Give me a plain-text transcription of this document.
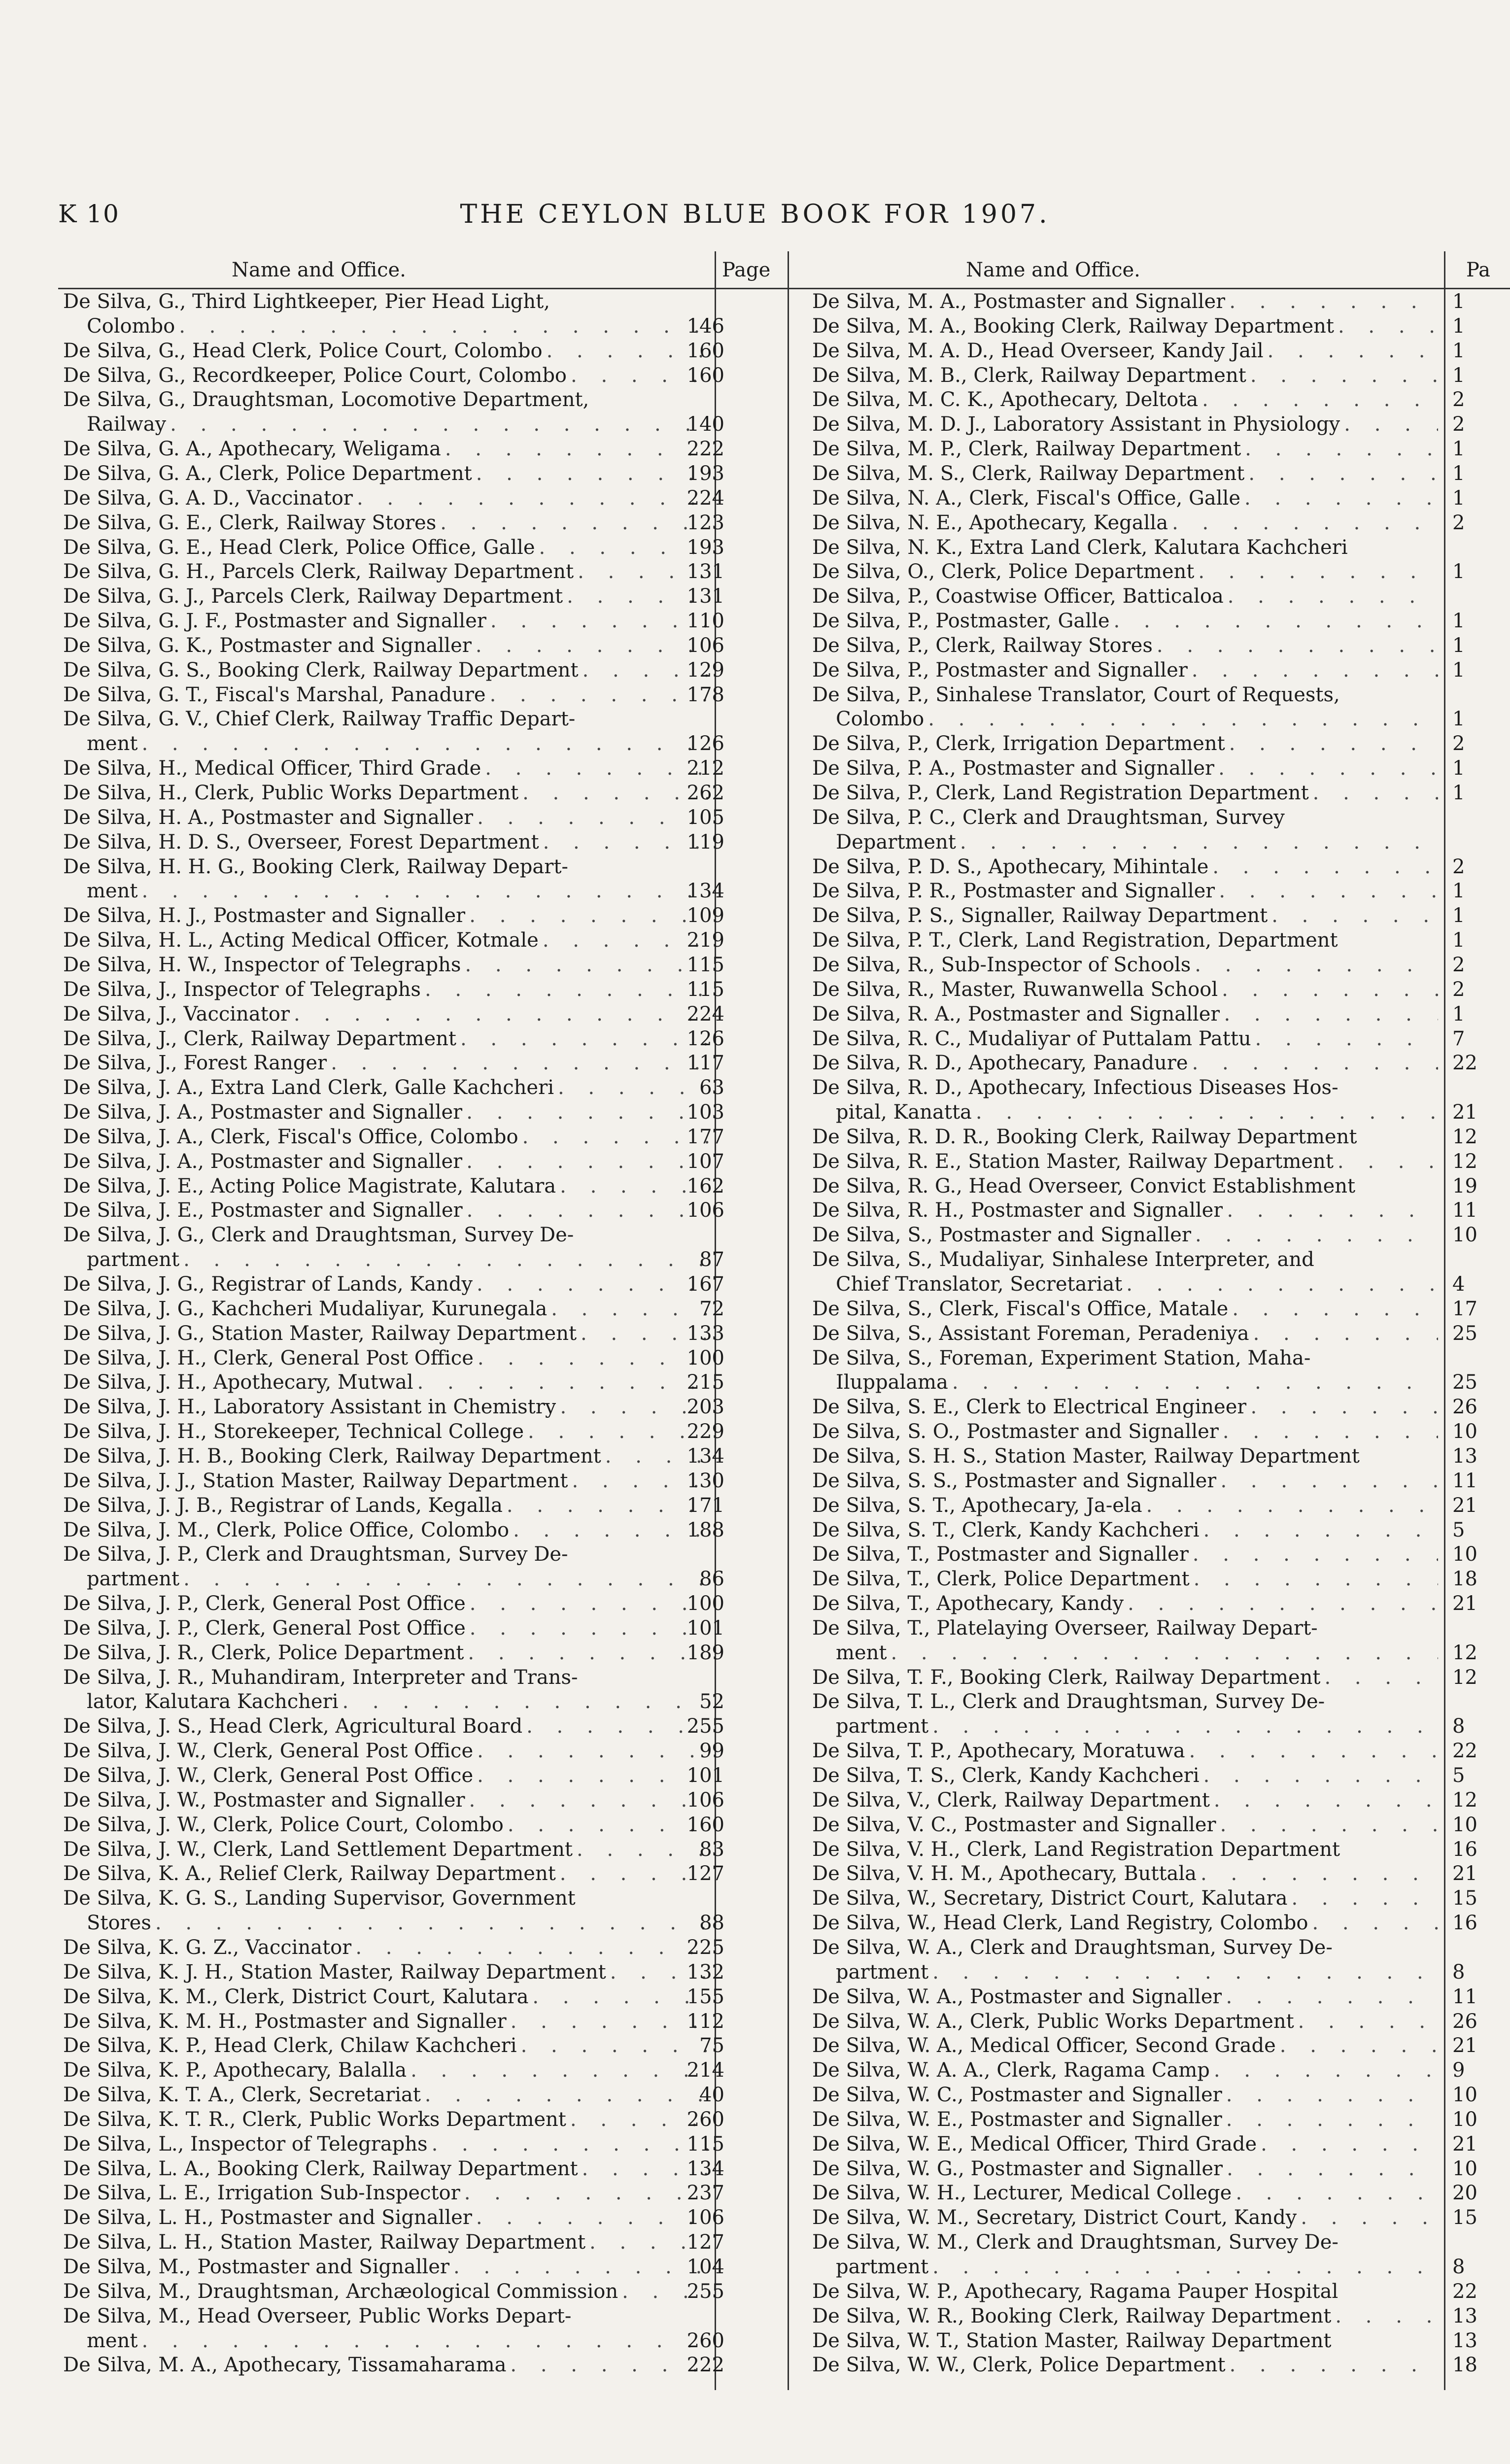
K 10	THE CEYLON BLUE BOOK FOR 1907.
Name and Office.	Page	Name and Office.	Pa
De Silva, G., Third Lightkeeper, Pier Head Light,
Colombo . . .	146
De Silva, G., Head Clerk, Police Court, Colombo . . .	160
De Silva, G., Recordkeeper, Police Court, Colombo . . .	160
De Silva, G., Draughtsman, Locomotive Department,
Railway . . .	140
De Silva, G. A., Apothecary, Weligama . . .	222
De Silva, G. A., Clerk, Police Department . . .	193
De Silva, G. A. D., Vaccinator . . .	224
De Silva, G. E., Clerk, Railway Stores . . .	123
De Silva, G. E., Head Clerk, Police Office, Galle . . .	193
De Silva, G. H., Parcels Clerk, Railway Department . . .	131
De Silva, G. J., Parcels Clerk, Railway Department . . .	131
De Silva, G. J. F., Postmaster and Signaller . . .	110
De Silva, G. K., Postmaster and Signaller . . .	106
De Silva, G. S., Booking Clerk, Railway Department . . .	129
De Silva, G. T., Fiscal's Marshal, Panadure . . .	178
De Silva, G. V., Chief Clerk, Railway Traffic Depart-
ment . . .	126
De Silva, H., Medical Officer, Third Grade . . .	212
De Silva, H., Clerk, Public Works Department . . .	262
De Silva, H. A., Postmaster and Signaller . . .	105
De Silva, H. D. S., Overseer, Forest Department . . .	119
De Silva, H. H. G., Booking Clerk, Railway Depart-
ment . . .	134
De Silva, H. J., Postmaster and Signaller . . .	109
De Silva, H. L., Acting Medical Officer, Kotmale . . .	219
De Silva, H. W., Inspector of Telegraphs . . .	115
De Silva, J., Inspector of Telegraphs . . .	115
De Silva, J., Vaccinator . . .	224
De Silva, J., Clerk, Railway Department . . .	126
De Silva, J., Forest Ranger . . .	117
De Silva, J. A., Extra Land Clerk, Galle Kachcheri . . .	63
De Silva, J. A., Postmaster and Signaller . . .	103
De Silva, J. A., Clerk, Fiscal's Office, Colombo . . .	177
De Silva, J. A., Postmaster and Signaller . . .	107
De Silva, J. E., Acting Police Magistrate, Kalutara . . .	162
De Silva, J. E., Postmaster and Signaller . . .	106
De Silva, J. G., Clerk and Draughtsman, Survey De-
partment . . .	87
De Silva, J. G., Registrar of Lands, Kandy . . .	167
De Silva, J. G., Kachcheri Mudaliyar, Kurunegala . . .	72
De Silva, J. G., Station Master, Railway Department . . .	133
De Silva, J. H., Clerk, General Post Office . . .	100
De Silva, J. H., Apothecary, Mutwal . . .	215
De Silva, J. H., Laboratory Assistant in Chemistry . . .	203
De Silva, J. H., Storekeeper, Technical College . . .	229
De Silva, J. H. B., Booking Clerk, Railway Department . . .	134
De Silva, J. J., Station Master, Railway Department . . .	130
De Silva, J. J. B., Registrar of Lands, Kegalla . . .	171
De Silva, J. M., Clerk, Police Office, Colombo . . .	188
De Silva, J. P., Clerk and Draughtsman, Survey De-
partment . . .	86
De Silva, J. P., Clerk, General Post Office . . .	100
De Silva, J. P., Clerk, General Post Office . . .	101
De Silva, J. R., Clerk, Police Department . . .	189
De Silva, J. R., Muhandiram, Interpreter and Trans-
lator, Kalutara Kachcheri . . .	52
De Silva, J. S., Head Clerk, Agricultural Board . . .	255
De Silva, J. W., Clerk, General Post Office . . .	99
De Silva, J. W., Clerk, General Post Office . . .	101
De Silva, J. W., Postmaster and Signaller . . .	106
De Silva, J. W., Clerk, Police Court, Colombo . . .	160
De Silva, J. W., Clerk, Land Settlement Department . . .	83
De Silva, K. A., Relief Clerk, Railway Department . . .	127
De Silva, K. G. S., Landing Supervisor, Government
Stores . . .	88
De Silva, K. G. Z., Vaccinator . . .	225
De Silva, K. J. H., Station Master, Railway Department . . .	132
De Silva, K. M., Clerk, District Court, Kalutara . . .	155
De Silva, K. M. H., Postmaster and Signaller . . .	112
De Silva, K. P., Head Clerk, Chilaw Kachcheri . . .	75
De Silva, K. P., Apothecary, Balalla . . .	214
De Silva, K. T. A., Clerk, Secretariat . . .	40
De Silva, K. T. R., Clerk, Public Works Department . . .	260
De Silva, L., Inspector of Telegraphs . . .	115
De Silva, L. A., Booking Clerk, Railway Department . . .	134
De Silva, L. E., Irrigation Sub-Inspector . . .	237
De Silva, L. H., Postmaster and Signaller . . .	106
De Silva, L. H., Station Master, Railway Department . . .	127
De Silva, M., Postmaster and Signaller . . .	104
De Silva, M., Draughtsman, Archæological Commission . . .	255
De Silva, M., Head Overseer, Public Works Depart-
ment . . .	260
De Silva, M. A., Apothecary, Tissamaharama . . .	222
De Silva, M. A., Postmaster and Signaller . . .	1
De Silva, M. A., Booking Clerk, Railway Department . . .	1
De Silva, M. A. D., Head Overseer, Kandy Jail . . .	1
De Silva, M. B., Clerk, Railway Department . . .	1
De Silva, M. C. K., Apothecary, Deltota . . .	2
De Silva, M. D. J., Laboratory Assistant in Physiology . . .	2
De Silva, M. P., Clerk, Railway Department . . .	1
De Silva, M. S., Clerk, Railway Department . . .	1
De Silva, N. A., Clerk, Fiscal's Office, Galle . . .	1
De Silva, N. E., Apothecary, Kegalla . . .	2
De Silva, N. K., Extra Land Clerk, Kalutara Kachcheri
De Silva, O., Clerk, Police Department . . .	1
De Silva, P., Coastwise Officer, Batticaloa
. . .
De Silva, P., Postmaster, Galle . . .	1
De Silva, P., Clerk, Railway Stores . . .	1
De Silva, P., Postmaster and Signaller . . .	1
De Silva, P., Sinhalese Translator, Court of Requests,
Colombo . . .	1
De Silva, P., Clerk, Irrigation Department . . .	2
De Silva, P. A., Postmaster and Signaller . . .	1
De Silva, P., Clerk, Land Registration Department . . .	1
De Silva, P. C., Clerk and Draughtsman, Survey
Department
. . .
De Silva, P. D. S., Apothecary, Mihintale . . .	2
De Silva, P. R., Postmaster and Signaller . . .	1
De Silva, P. S., Signaller, Railway Department . . .	1
De Silva, P. T., Clerk, Land Registration, Department	1
De Silva, R., Sub-Inspector of Schools . . .	2
De Silva, R., Master, Ruwanwella School . . .	2
De Silva, R. A., Postmaster and Signaller . . .	1
De Silva, R. C., Mudaliyar of Puttalam Pattu . . .	7
De Silva, R. D., Apothecary, Panadure . . .	22
De Silva, R. D., Apothecary, Infectious Diseases Hos-
pital, Kanatta . . .	21
De Silva, R. D. R., Booking Clerk, Railway Department	12
De Silva, R. E., Station Master, Railway Department . . .	12
De Silva, R. G., Head Overseer, Convict Establishment	19
De Silva, R. H., Postmaster and Signaller . . .	11
De Silva, S., Postmaster and Signaller . . .	10
De Silva, S., Mudaliyar, Sinhalese Interpreter, and
Chief Translator, Secretariat . . .	4
De Silva, S., Clerk, Fiscal's Office, Matale . . .	17
De Silva, S., Assistant Foreman, Peradeniya . . .	25
De Silva, S., Foreman, Experiment Station, Maha-
Iluppalama . . .	25
De Silva, S. E., Clerk to Electrical Engineer . . .	26
De Silva, S. O., Postmaster and Signaller . . .	10
De Silva, S. H. S., Station Master, Railway Department	13
De Silva, S. S., Postmaster and Signaller . . .	11
De Silva, S. T., Apothecary, Ja-ela . . .	21
De Silva, S. T., Clerk, Kandy Kachcheri . . .	5
De Silva, T., Postmaster and Signaller . . .	10
De Silva, T., Clerk, Police Department . . .	18
De Silva, T., Apothecary, Kandy . . .	21
De Silva, T., Platelaying Overseer, Railway Depart-
ment . . .	12
De Silva, T. F., Booking Clerk, Railway Department . . .	12
De Silva, T. L., Clerk and Draughtsman, Survey De-
partment . . .	8
De Silva, T. P., Apothecary, Moratuwa . . .	22
De Silva, T. S., Clerk, Kandy Kachcheri . . .	5
De Silva, V., Clerk, Railway Department . . .	12
De Silva, V. C., Postmaster and Signaller . . .	10
De Silva, V. H., Clerk, Land Registration Department	16
De Silva, V. H. M., Apothecary, Buttala . . .	21
De Silva, W., Secretary, District Court, Kalutara . . .	15
De Silva, W., Head Clerk, Land Registry, Colombo . . .	16
De Silva, W. A., Clerk and Draughtsman, Survey De-
partment . . .	8
De Silva, W. A., Postmaster and Signaller . . .	11
De Silva, W. A., Clerk, Public Works Department . . .	26
De Silva, W. A., Medical Officer, Second Grade . . .	21
De Silva, W. A. A., Clerk, Ragama Camp . . .	9
De Silva, W. C., Postmaster and Signaller . . .	10
De Silva, W. E., Postmaster and Signaller . . .	10
De Silva, W. E., Medical Officer, Third Grade . . .	21
De Silva, W. G., Postmaster and Signaller . . .	10
De Silva, W. H., Lecturer, Medical College . . .	20
De Silva, W. M., Secretary, District Court, Kandy . . .	15
De Silva, W. M., Clerk and Draughtsman, Survey De-
partment . . .	8
De Silva, W. P., Apothecary, Ragama Pauper Hospital	22
De Silva, W. R., Booking Clerk, Railway Department . . .	13
De Silva, W. T., Station Master, Railway Department	13
De Silva, W. W., Clerk, Police Department . . .	18
